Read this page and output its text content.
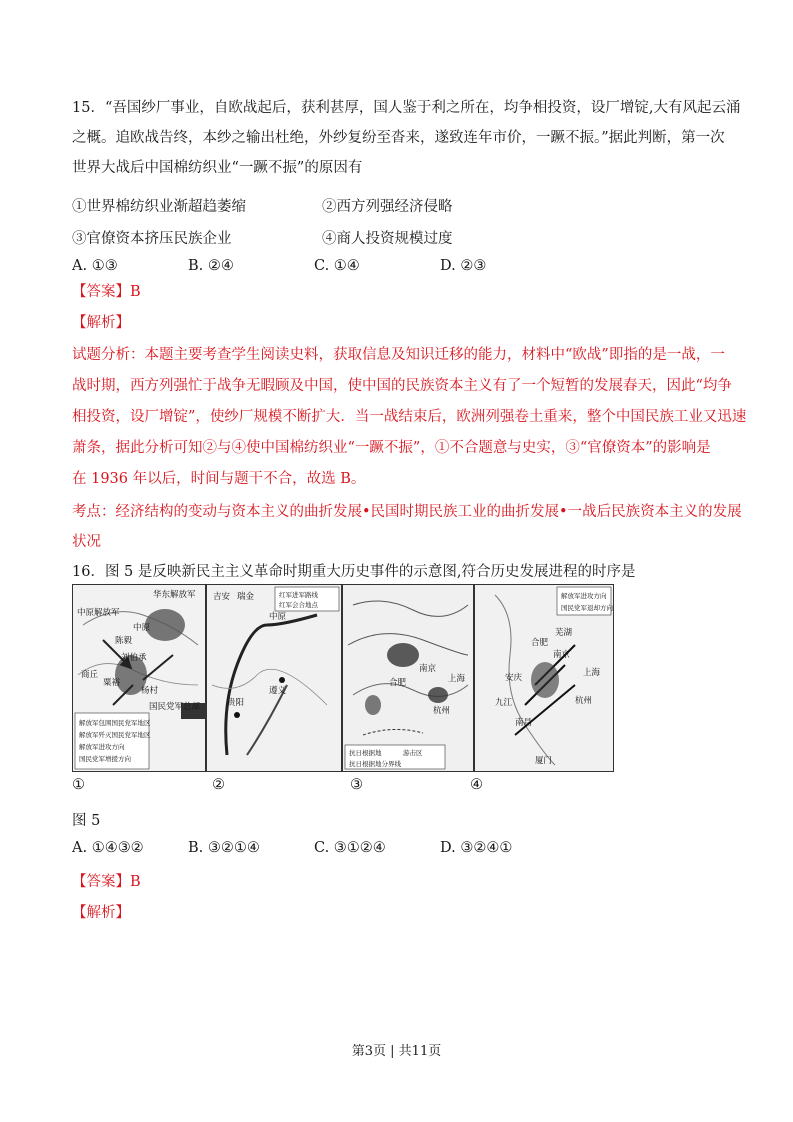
15．“吾国纱厂事业，自欧战起后，获利甚厚，国人鉴于利之所在，均争相投资，设厂增锭,大有风起云涌
之概。追欧战告终，本纱之输出杜绝，外纱复纷至沓来，遂致连年市价，一蹶不振。”据此判断，第一次
世界大战后中国棉纺织业“一蹶不振”的原因有
①世界棉纺织业渐超趋萎缩	②西方列强经济侵略
③官僚资本挤压民族企业	④商人投资规模过度
A. ①③	B. ②④	C. ①④	D. ②③
【答案】B
【解析】
试题分析：本题主要考查学生阅读史料，获取信息及知识迁移的能力，材料中“欧战”即指的是一战，一
战时期，西方列强忙于战争无暇顾及中国，使中国的民族资本主义有了一个短暂的发展春天，因此“均争
相投资，设厂增锭”，使纱厂规模不断扩大．当一战结束后，欧洲列强卷土重来，整个中国民族工业又迅速
萧条，据此分析可知②与④使中国棉纺织业“一蹶不振”，①不合题意与史实，③“官僚资本”的影响是
在 1936 年以后，时间与题干不合，故选 B。
考点：经济结构的变动与资本主义的曲折发展•民国时期民族工业的曲折发展•一战后民族资本主义的发展
状况
16．图 5 是反映新民主主义革命时期重大历史事件的示意图,符合历史发展进程的时序是
中原解放军
华东解放军
陈毅
刘伯承
粟裕
商丘
杨村
国民党军总部
中原
解放军包围国民党军地区
解放军歼灭国民党军地区
解放军进攻方向
国民党军增援方向
红军进军路线
红军会合地点
吉安 瑞金
中原
贵阳
遵义
南京
上海
杭州
合肥
抗日根据地	游击区
抗日根据地分界线
解放军进攻方向
国民党军退却方向
合肥
安庆
南京
上海
杭州
芜湖
九江
南昌
厦门
①	②	③	④
图 5
A. ①④③②	B. ③②①④	C. ③①②④	D. ③②④①
【答案】B
【解析】
第3页 | 共11页
